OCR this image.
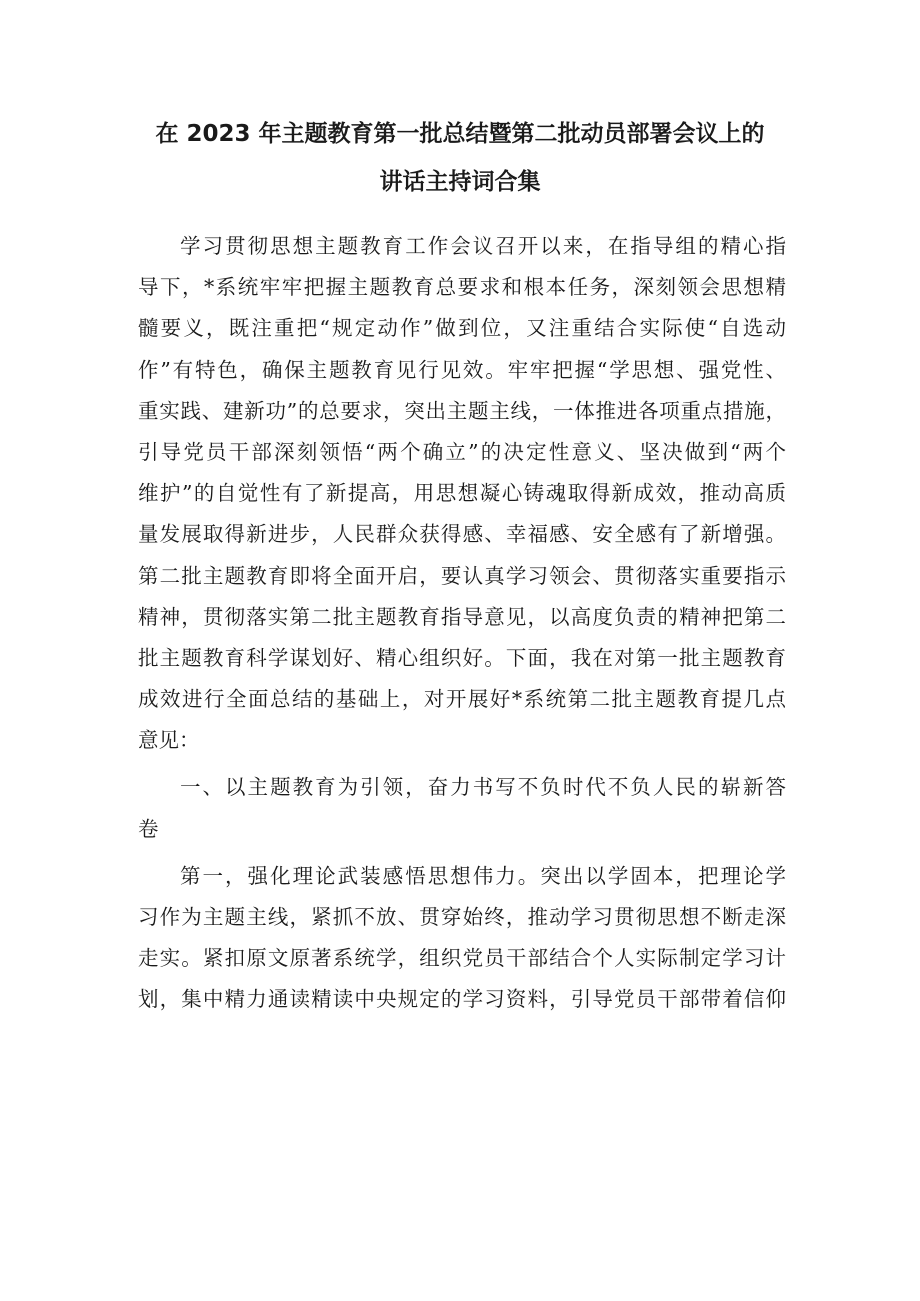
在 2023 年主题教育第一批总结暨第二批动员部署会议上的
讲话主持词合集
学习贯彻思想主题教育工作会议召开以来，在指导组的精心指
导下，*系统牢牢把握主题教育总要求和根本任务，深刻领会思想精
髓要义，既注重把“规定动作”做到位，又注重结合实际使“自选动
作”有特色，确保主题教育见行见效。牢牢把握“学思想、强党性、
重实践、建新功”的总要求，突出主题主线，一体推进各项重点措施，
引导党员干部深刻领悟“两个确立”的决定性意义、坚决做到“两个
维护”的自觉性有了新提高，用思想凝心铸魂取得新成效，推动高质
量发展取得新进步，人民群众获得感、幸福感、安全感有了新增强。
第二批主题教育即将全面开启，要认真学习领会、贯彻落实重要指示
精神，贯彻落实第二批主题教育指导意见，以高度负责的精神把第二
批主题教育科学谋划好、精心组织好。下面，我在对第一批主题教育
成效进行全面总结的基础上，对开展好*系统第二批主题教育提几点
意见：
一、以主题教育为引领，奋力书写不负时代不负人民的崭新答
卷
第一，强化理论武装感悟思想伟力。突出以学固本，把理论学
习作为主题主线，紧抓不放、贯穿始终，推动学习贯彻思想不断走深
走实。紧扣原文原著系统学，组织党员干部结合个人实际制定学习计
划，集中精力通读精读中央规定的学习资料，引导党员干部带着信仰
